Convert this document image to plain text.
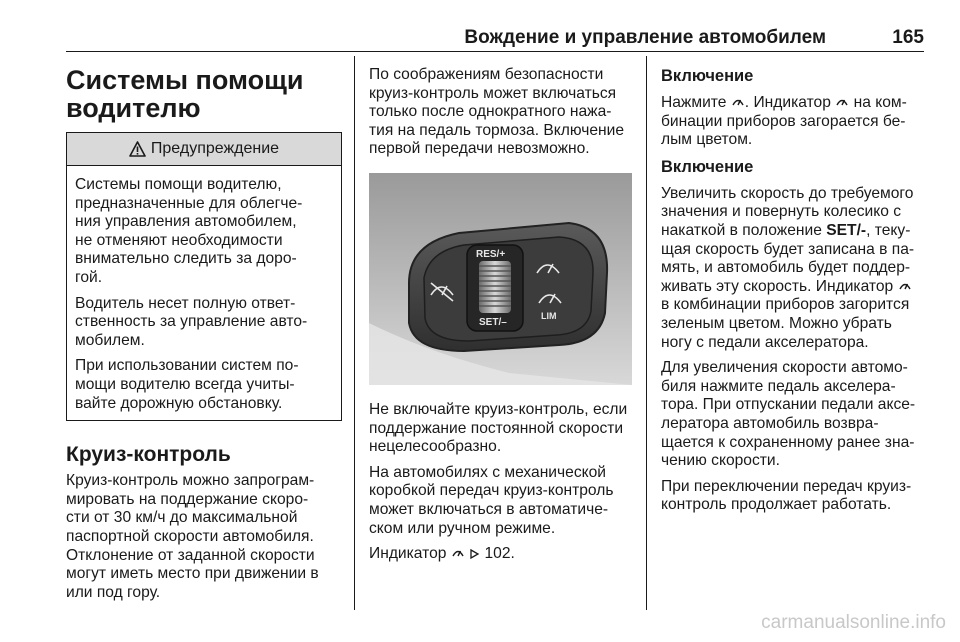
Вождение и управление автомобилем	165
Системы помощи
водителю
Предупреждение

Системы помощи водителю,
предназначенные для облегче-
ния управления автомобилем,
не отменяют необходимости
внимательно следить за доро-
гой.

Водитель несет полную ответ-
ственность за управление авто-
мобилем.

При использовании систем по-
мощи водителю всегда учиты-
вайте дорожную обстановку.

Круиз-контроль

Круиз-контроль можно запрограм-
мировать на поддержание скоро-
сти от 30 км/ч до максимальной
паспортной скорости автомобиля.
Отклонение от заданной скорости
могут иметь место при движении в
или под гору.

По соображениям безопасности
круиз-контроль может включаться
только после однократного нажа-
тия на педаль тормоза. Включение
первой передачи невозможно.

RES/+
SET/–
LIM

Не включайте круиз-контроль, если
поддержание постоянной скорости
нецелесообразно.

На автомобилях с механической
коробкой передач круиз-контроль
может включаться в автоматиче-
ском или ручном режиме.

Индикатор 102.

Включение

Нажмите . Индикатор на ком-
бинации приборов загорается бе-
лым цветом.

Включение

Увеличить скорость до требуемого
значения и повернуть колесико с
накаткой в положение SET/-, теку-
щая скорость будет записана в па-
мять, и автомобиль будет поддер-
живать эту скорость. Индикатор
в комбинации приборов загорится
зеленым цветом. Можно убрать
ногу с педали акселератора.

Для увеличения скорости автомо-
биля нажмите педаль акселера-
тора. При отпускании педали аксе-
лератора автомобиль возвра-
щается к сохраненному ранее зна-
чению скорости.

При переключении передач круиз-
контроль продолжает работать.

carmanualsonline.info
